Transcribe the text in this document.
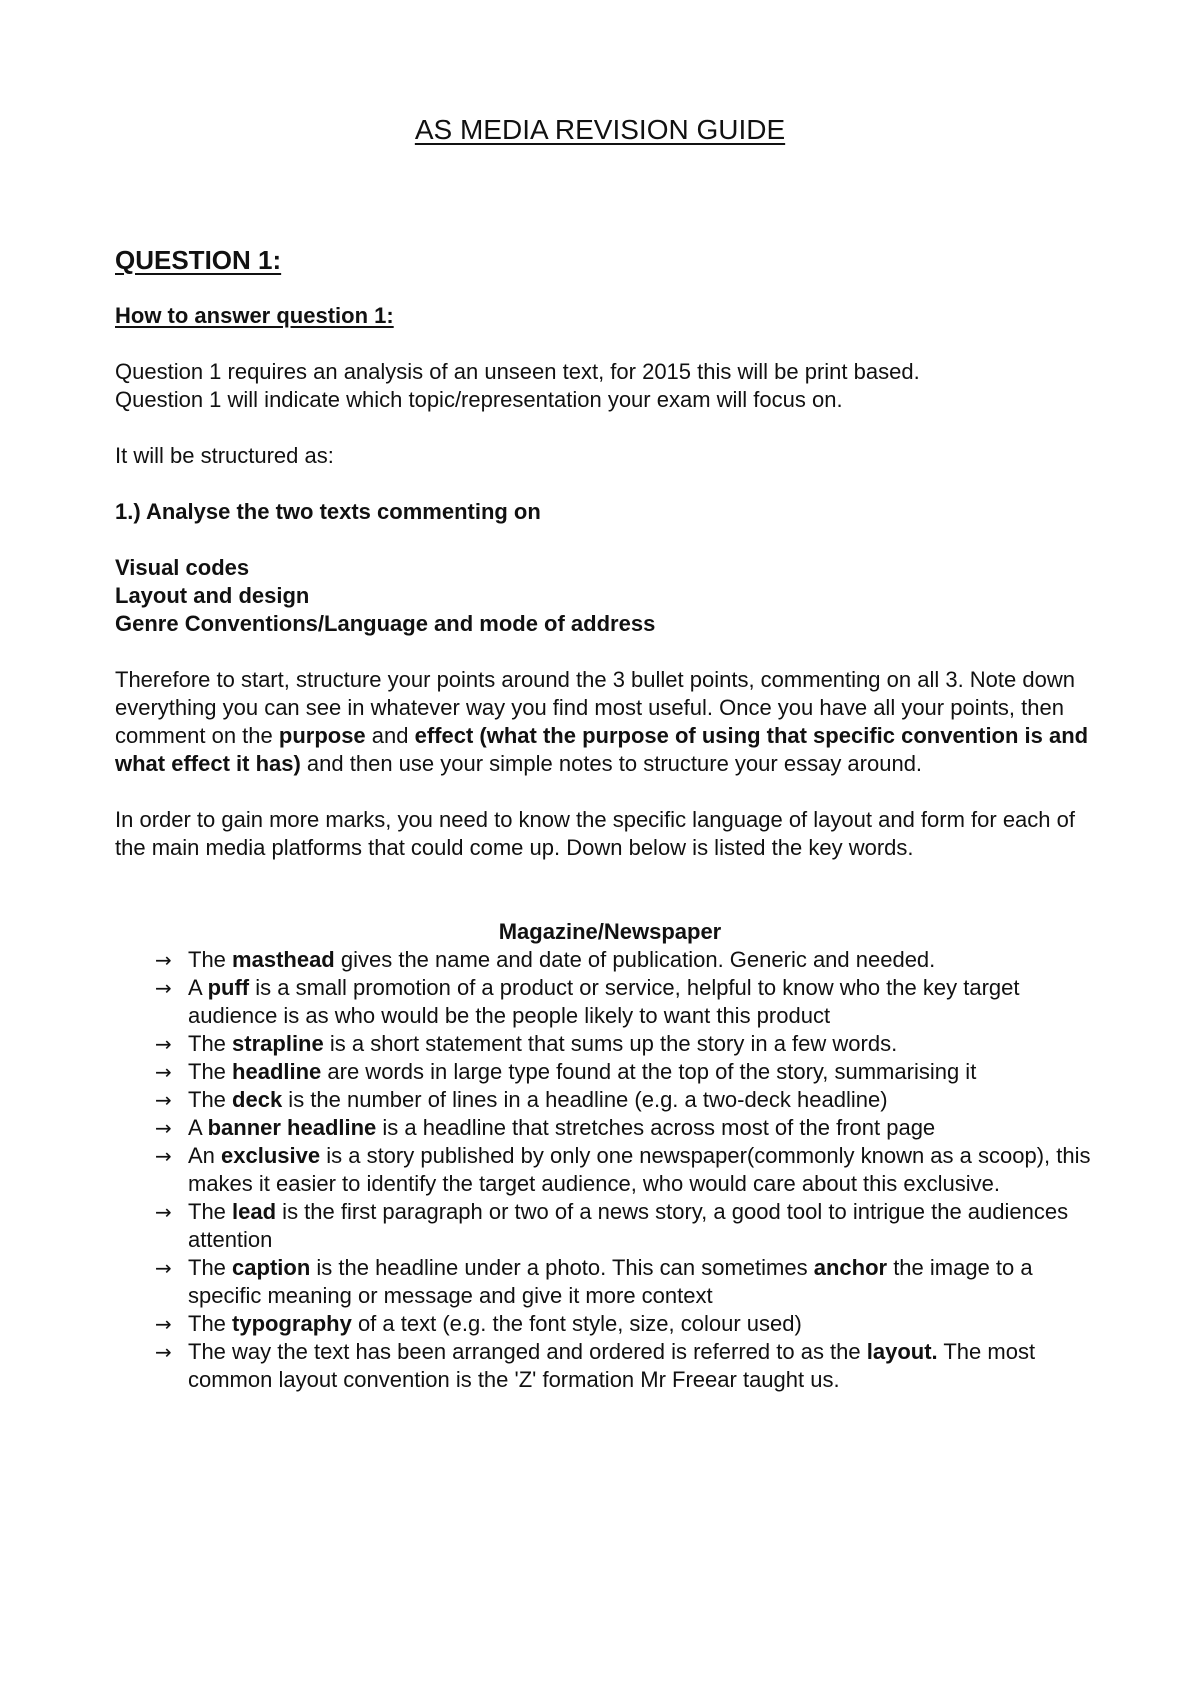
AS MEDIA REVISION GUIDE
QUESTION 1:
How to answer question 1:

Question 1 requires an analysis of an unseen text, for 2015 this will be print based.

Question 1 will indicate which topic/representation your exam will focus on.

It will be structured as:

1.) Analyse the two texts commenting on

Visual codes

Layout and design

Genre Conventions/Language and mode of address

Therefore to start, structure your points around the 3 bullet points, commenting on all 3. Note down everything you can see in whatever way you find most useful. Once you have all your points, then comment on the purpose and effect (what the purpose of using that specific convention is and what effect it has) and then use your simple notes to structure your essay around.

In order to gain more marks, you need to know the specific language of layout and form for each of the main media platforms that could come up. Down below is listed the key words.

Magazine/Newspaper
→ The masthead gives the name and date of publication. Generic and needed.
→ A puff is a small promotion of a product or service, helpful to know who the key target audience is as who would be the people likely to want this product
→ The strapline is a short statement that sums up the story in a few words.
→ The headline are words in large type found at the top of the story, summarising it
→ The deck is the number of lines in a headline (e.g. a two-deck headline)
→ A banner headline is a headline that stretches across most of the front page
→ An exclusive is a story published by only one newspaper(commonly known as a scoop), this makes it easier to identify the target audience, who would care about this exclusive.
→ The lead is the first paragraph or two of a news story, a good tool to intrigue the audiences attention
→ The caption is the headline under a photo. This can sometimes anchor the image to a specific meaning or message and give it more context
→ The typography of a text (e.g. the font style, size, colour used)
→ The way the text has been arranged and ordered is referred to as the layout. The most common layout convention is the 'Z' formation Mr Freear taught us.
